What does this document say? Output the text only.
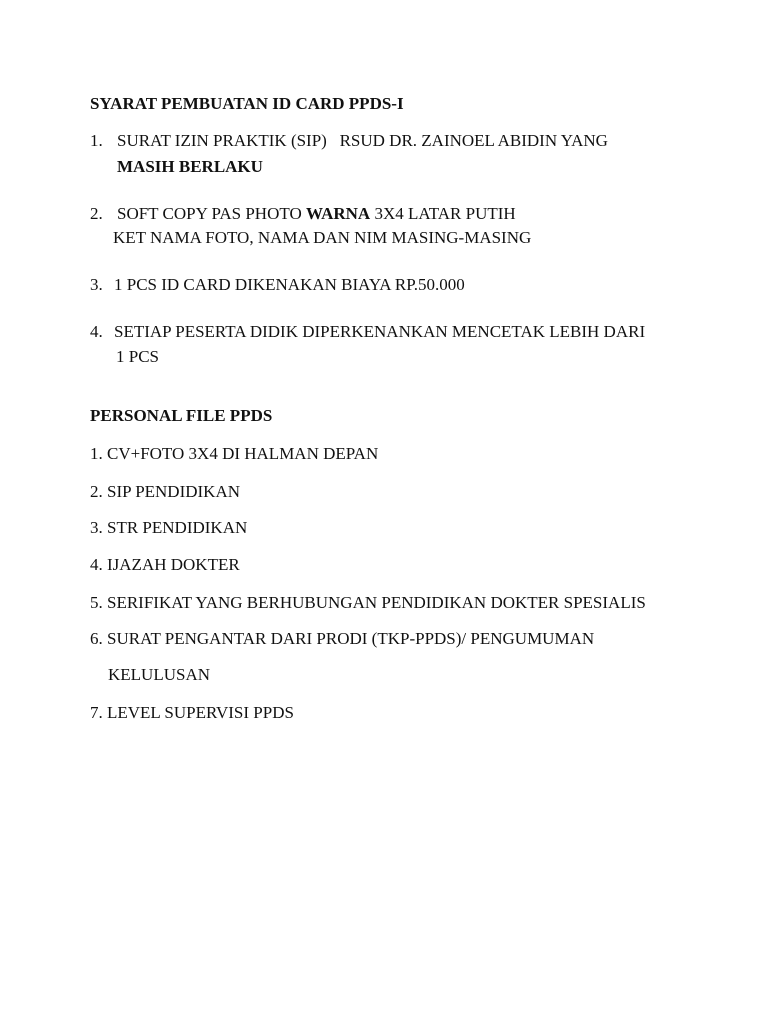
SYARAT PEMBUATAN ID CARD PPDS-I
1. SURAT IZIN PRAKTIK (SIP)   RSUD DR. ZAINOEL ABIDIN YANG
MASIH BERLAKU
2. SOFT COPY PAS PHOTO WARNA 3X4 LATAR PUTIH
KET NAMA FOTO, NAMA DAN NIM MASING-MASING
3. 1 PCS ID CARD DIKENAKAN BIAYA RP.50.000
4. SETIAP PESERTA DIDIK DIPERKENANKAN MENCETAK LEBIH DARI
1 PCS
PERSONAL FILE PPDS
1. CV+FOTO 3X4 DI HALMAN DEPAN
2. SIP PENDIDIKAN
3. STR PENDIDIKAN
4. IJAZAH DOKTER
5. SERIFIKAT YANG BERHUBUNGAN PENDIDIKAN DOKTER SPESIALIS
6. SURAT PENGANTAR DARI PRODI (TKP-PPDS)/ PENGUMUMAN
KELULUSAN
7. LEVEL SUPERVISI PPDS
